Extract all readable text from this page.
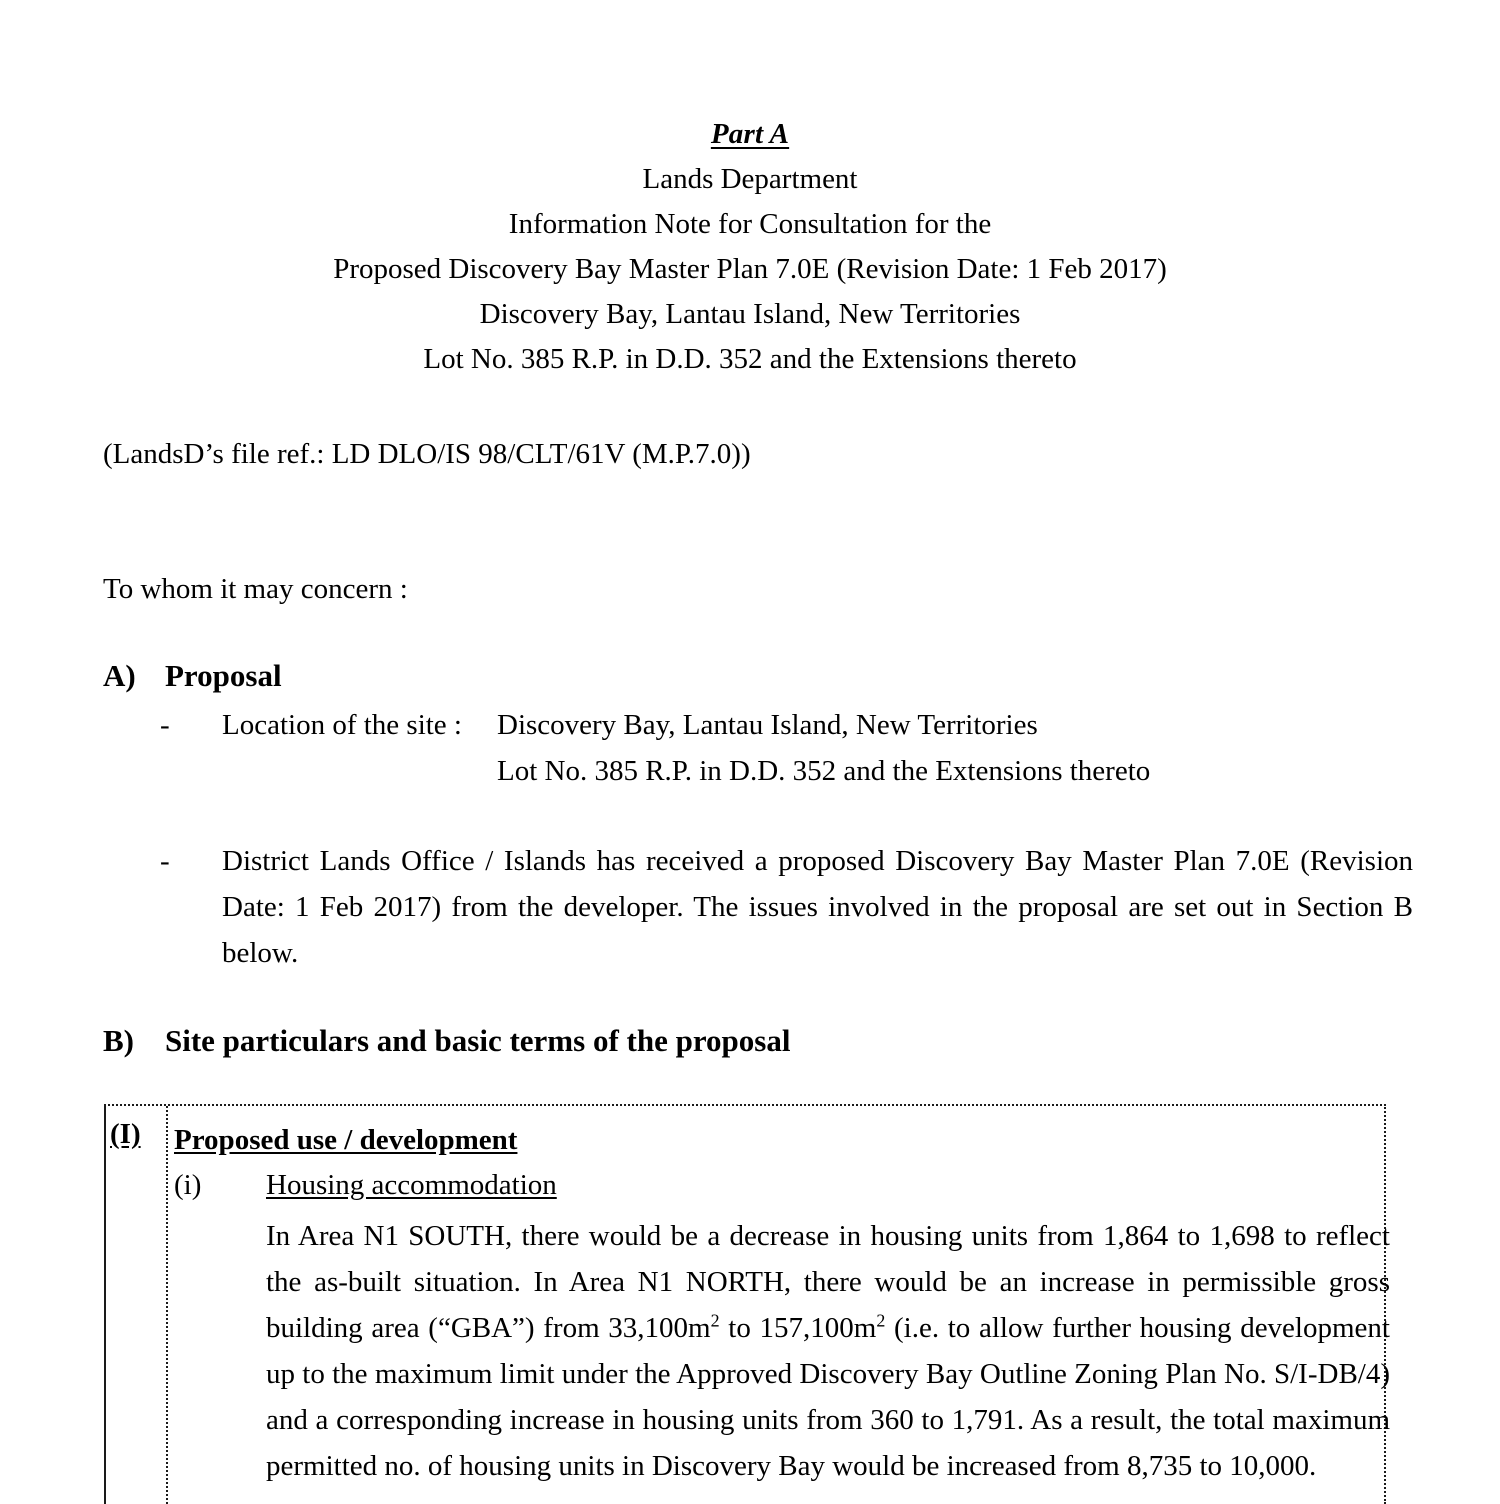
Part A
Lands Department
Information Note for Consultation for the
Proposed Discovery Bay Master Plan 7.0E (Revision Date: 1 Feb 2017)
Discovery Bay, Lantau Island, New Territories
Lot No. 385 R.P. in D.D. 352 and the Extensions thereto
(LandsD’s file ref.: LD DLO/IS 98/CLT/61V (M.P.7.0))
To whom it may concern :
A) Proposal
-	Location of the site : Discovery Bay, Lantau Island, New Territories
Lot No. 385 R.P. in D.D. 352 and the Extensions thereto
-	District Lands Office / Islands has received a proposed Discovery Bay Master Plan 7.0E (Revision Date: 1 Feb 2017) from the developer. The issues involved in the proposal are set out in Section B below.
B) Site particulars and basic terms of the proposal
(I) Proposed use / development
(i) Housing accommodation

In Area N1 SOUTH, there would be a decrease in housing units from 1,864 to 1,698 to reflect the as-built situation. In Area N1 NORTH, there would be an increase in permissible gross building area (“GBA”) from $33,100m^2$ to $157,100m^2$ (i.e. to allow further housing development up to the maximum limit under the Approved Discovery Bay Outline Zoning Plan No. S/I-DB/4) and a corresponding increase in housing units from 360 to 1,791. As a result, the total maximum permitted no. of housing units in Discovery Bay would be increased from 8,735 to 10,000.
